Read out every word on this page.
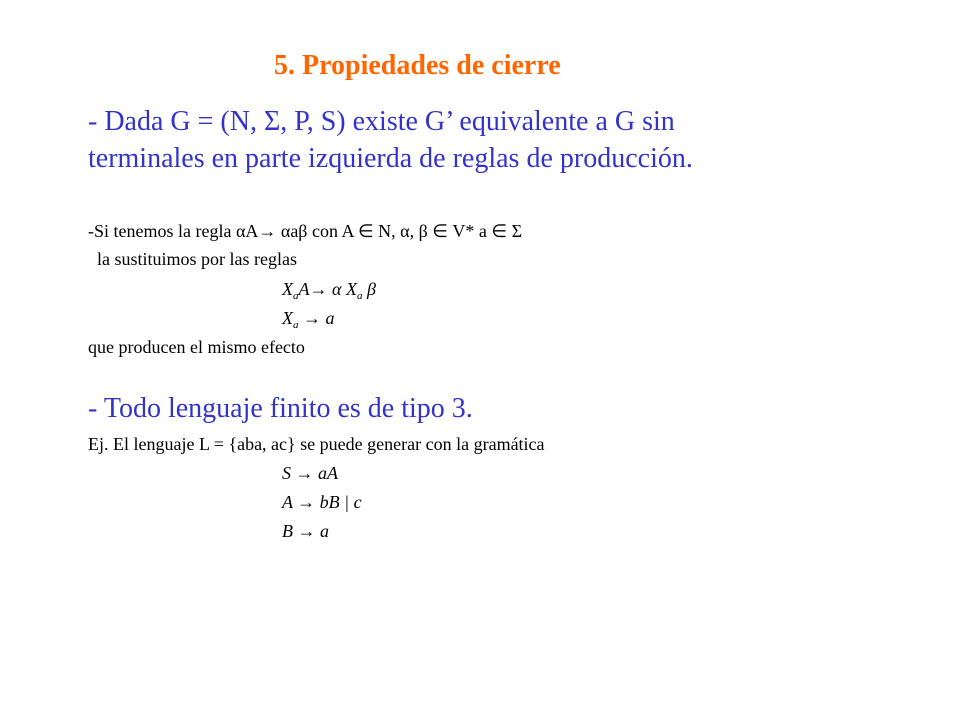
5. Propiedades de cierre
- Dada G = (N, Σ, P, S) existe G’ equivalente a G sin
terminales en parte izquierda de reglas de producción.
-Si tenemos la regla αA→ αaβ con A ∈ N, α, β ∈ V* a ∈ Σ
la sustituimos por las reglas
$X_aA\to \alpha$ $X_a$ β
$X_a \to a$
que producen el mismo efecto
- Todo lenguaje finito es de tipo 3.
Ej. El lenguaje L = {aba, ac} se puede generar con la gramática
S → aA
A → bB | c
B → a
